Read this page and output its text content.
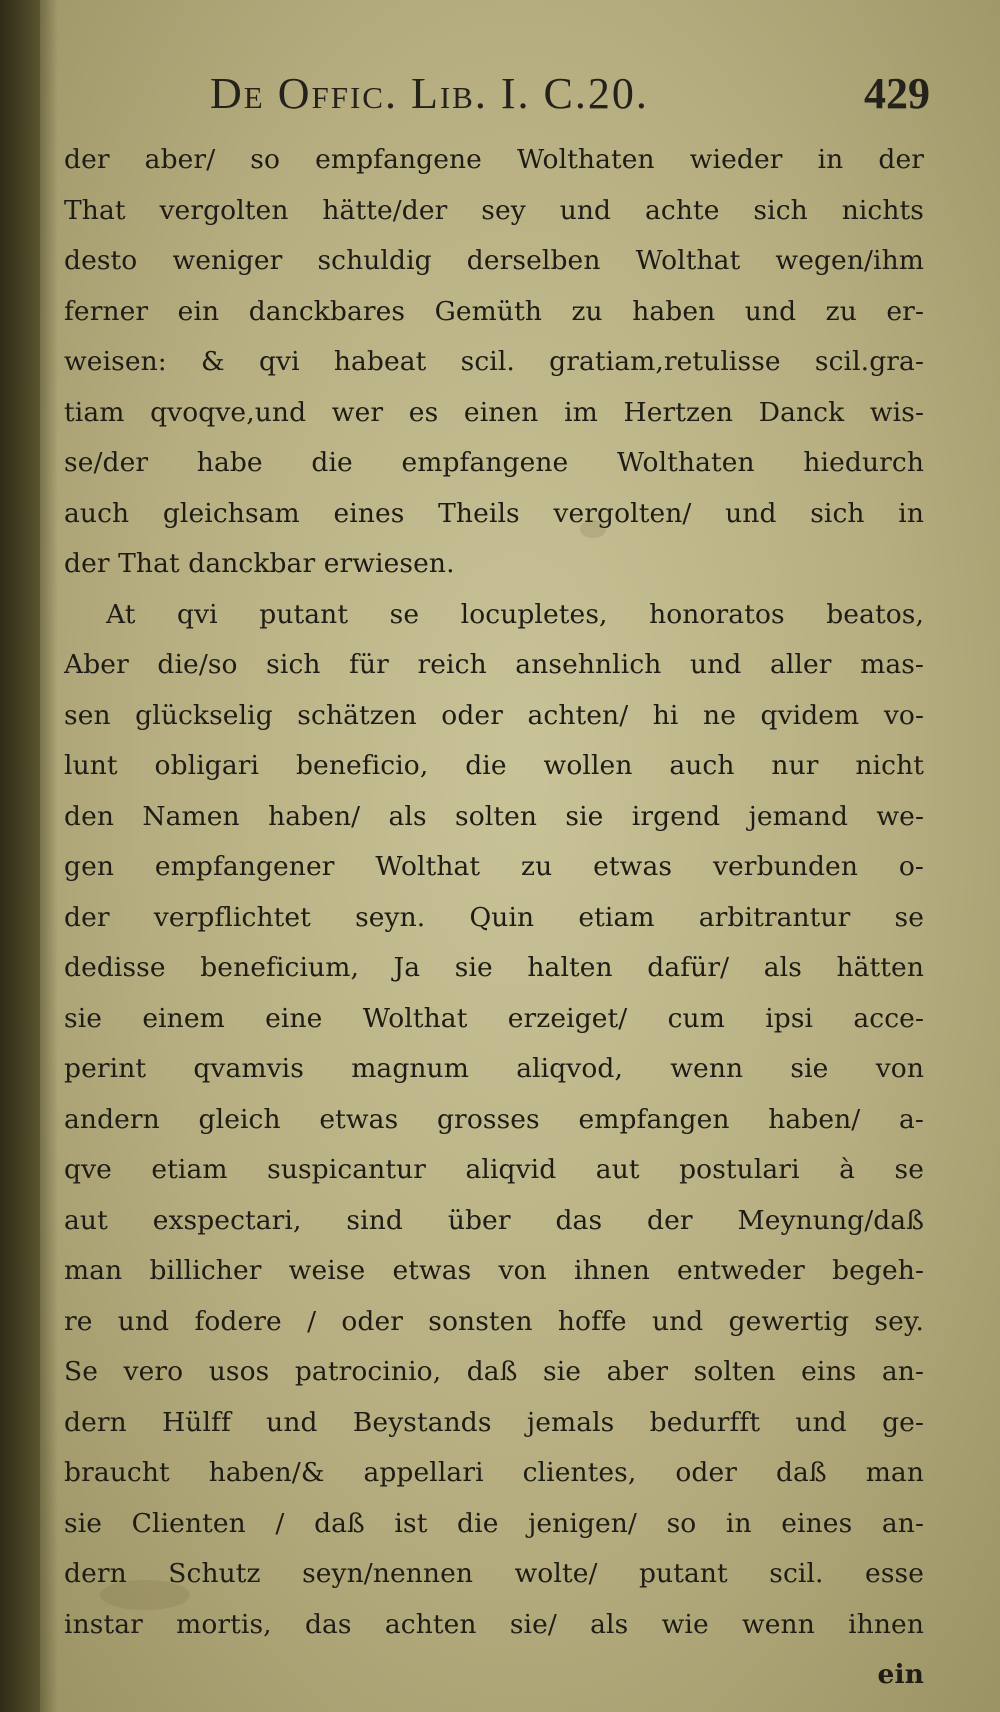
De Offic. Lib. I. C.20.	429
der aber/ so empfangene Wolthaten wieder in der
That vergolten hätte/der sey und achte sich nichts
desto weniger schuldig derselben Wolthat wegen/ihm
ferner ein danckbares Gemüth zu haben und zu er-
weisen: & qvi habeat scil. gratiam,retulisse scil.gra-
tiam qvoqve,und wer es einen im Hertzen Danck wis-
se/der habe die empfangene Wolthaten hiedurch
auch gleichsam eines Theils vergolten/ und sich in
der That danckbar erwiesen.
At qvi putant se locupletes, honoratos beatos,
Aber die/so sich für reich ansehnlich und aller mas-
sen glückselig schätzen oder achten/ hi ne qvidem vo-
lunt obligari beneficio, die wollen auch nur nicht
den Namen haben/ als solten sie irgend jemand we-
gen empfangener Wolthat zu etwas verbunden o-
der verpflichtet seyn. Quin etiam arbitrantur se
dedisse beneficium, Ja sie halten dafür/ als hätten
sie einem eine Wolthat erzeiget/ cum ipsi acce-
perint qvamvis magnum aliqvod, wenn sie von
andern gleich etwas grosses empfangen haben/ a-
qve etiam suspicantur aliqvid aut postulari à se
aut exspectari, sind über das der Meynung/daß
man billicher weise etwas von ihnen entweder begeh-
re und fodere / oder sonsten hoffe und gewertig sey.
Se vero usos patrocinio, daß sie aber solten eins an-
dern Hülff und Beystands jemals bedurfft und ge-
braucht haben/& appellari clientes, oder daß man
sie Clienten / daß ist die jenigen/ so in eines an-
dern Schutz seyn/nennen wolte/ putant scil. esse
instar mortis, das achten sie/ als wie wenn ihnen
ein
